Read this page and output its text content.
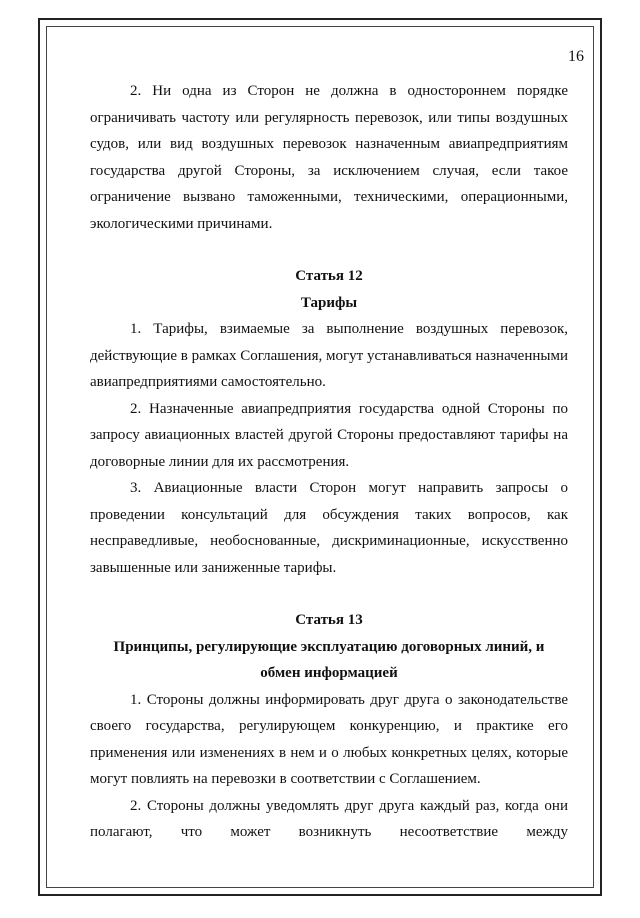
16

2. Ни одна из Сторон не должна в одностороннем порядке ограничивать частоту или регулярность перевозок, или типы воздушных судов, или вид воздушных перевозок назначенным авиапредприятиям государства другой Стороны, за исключением случая, если такое ограничение вызвано таможенными, техническими, операционными, экологическими причинами.

Статья 12

Тарифы

1. Тарифы, взимаемые за выполнение воздушных перевозок, действующие в рамках Соглашения, могут устанавливаться назначенными авиапредприятиями самостоятельно.

2. Назначенные авиапредприятия государства одной Стороны по запросу авиационных властей другой Стороны предоставляют тарифы на договорные линии для их рассмотрения.

3. Авиационные власти Сторон могут направить запросы о проведении консультаций для обсуждения таких вопросов, как несправедливые, необоснованные, дискриминационные, искусственно завышенные или заниженные тарифы.

Статья 13

Принципы, регулирующие эксплуатацию договорных линий, и

обмен информацией

1. Стороны должны информировать друг друга о законодательстве своего государства, регулирующем конкуренцию, и практике его применения или изменениях в нем и о любых конкретных целях, которые могут повлиять на перевозки в соответствии с Соглашением.

2. Стороны должны уведомлять друг друга каждый раз, когда они полагают, что может возникнуть несоответствие между
